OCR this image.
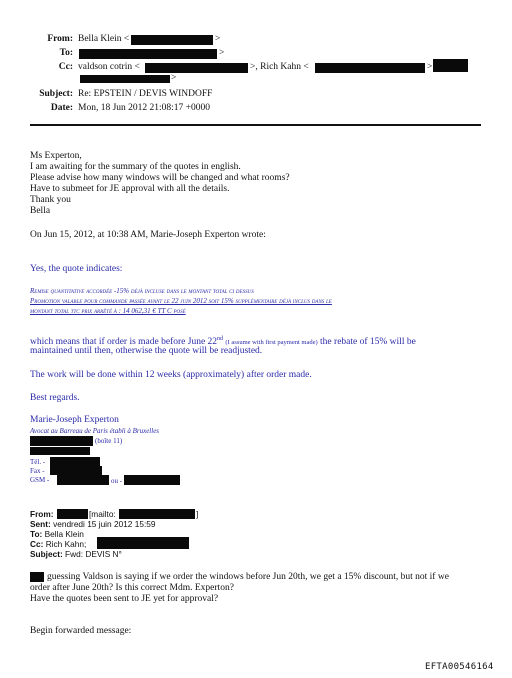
From: Bella Klein <	>
To:	>
Cc: valdson cotrin <	>, Rich Kahn <	>
>
Subject: Re: EPSTEIN / DEVIS WINDOFF
Date: Mon, 18 Jun 2012 21:08:17 +0000
Ms Experton,
I am awaiting for the summary of the quotes in english.
Please advise how many windows will be changed and what rooms?
Have to submeet for JE approval with all the details.
Thank you
Bella
On Jun 15, 2012, at 10:38 AM, Marie-Joseph Experton wrote:
Yes, the quote indicates:
Remise quantitative accordée -15% déjà incluse dans le montant total ci dessus
Promotion valable pour commande passée avant le 22 juin 2012 soit 15% supplémentaire déjà inclus dans le
montant total ttc prix arrêté à : 14 062,31 € TT C posé
which means that if order is made before June 22nd (I assume with first payment made) the rebate of 15% will be
maintained until then, otherwise the quote will be readjusted.
The work will be done within 12 weeks (approximately) after order made.
Best regards.
Marie-Joseph Experton
Avocat au Barreau de Paris établi à Bruxelles
(boîte 11)
Tél. -
Fax -
GSM -	ou -
From:	[mailto:	]
Sent: vendredi 15 juin 2012 15:59
To: Bella Klein
Cc: Rich Kahn;
Subject: Fwd: DEVIS N°
guessing Valdson is saying if we order the windows before Jun 20th, we get a 15% discount, but not if we
order after June 20th? Is this correct Mdm. Experton?
Have the quotes been sent to JE yet for approval?
Begin forwarded message:
EFTA00546164
